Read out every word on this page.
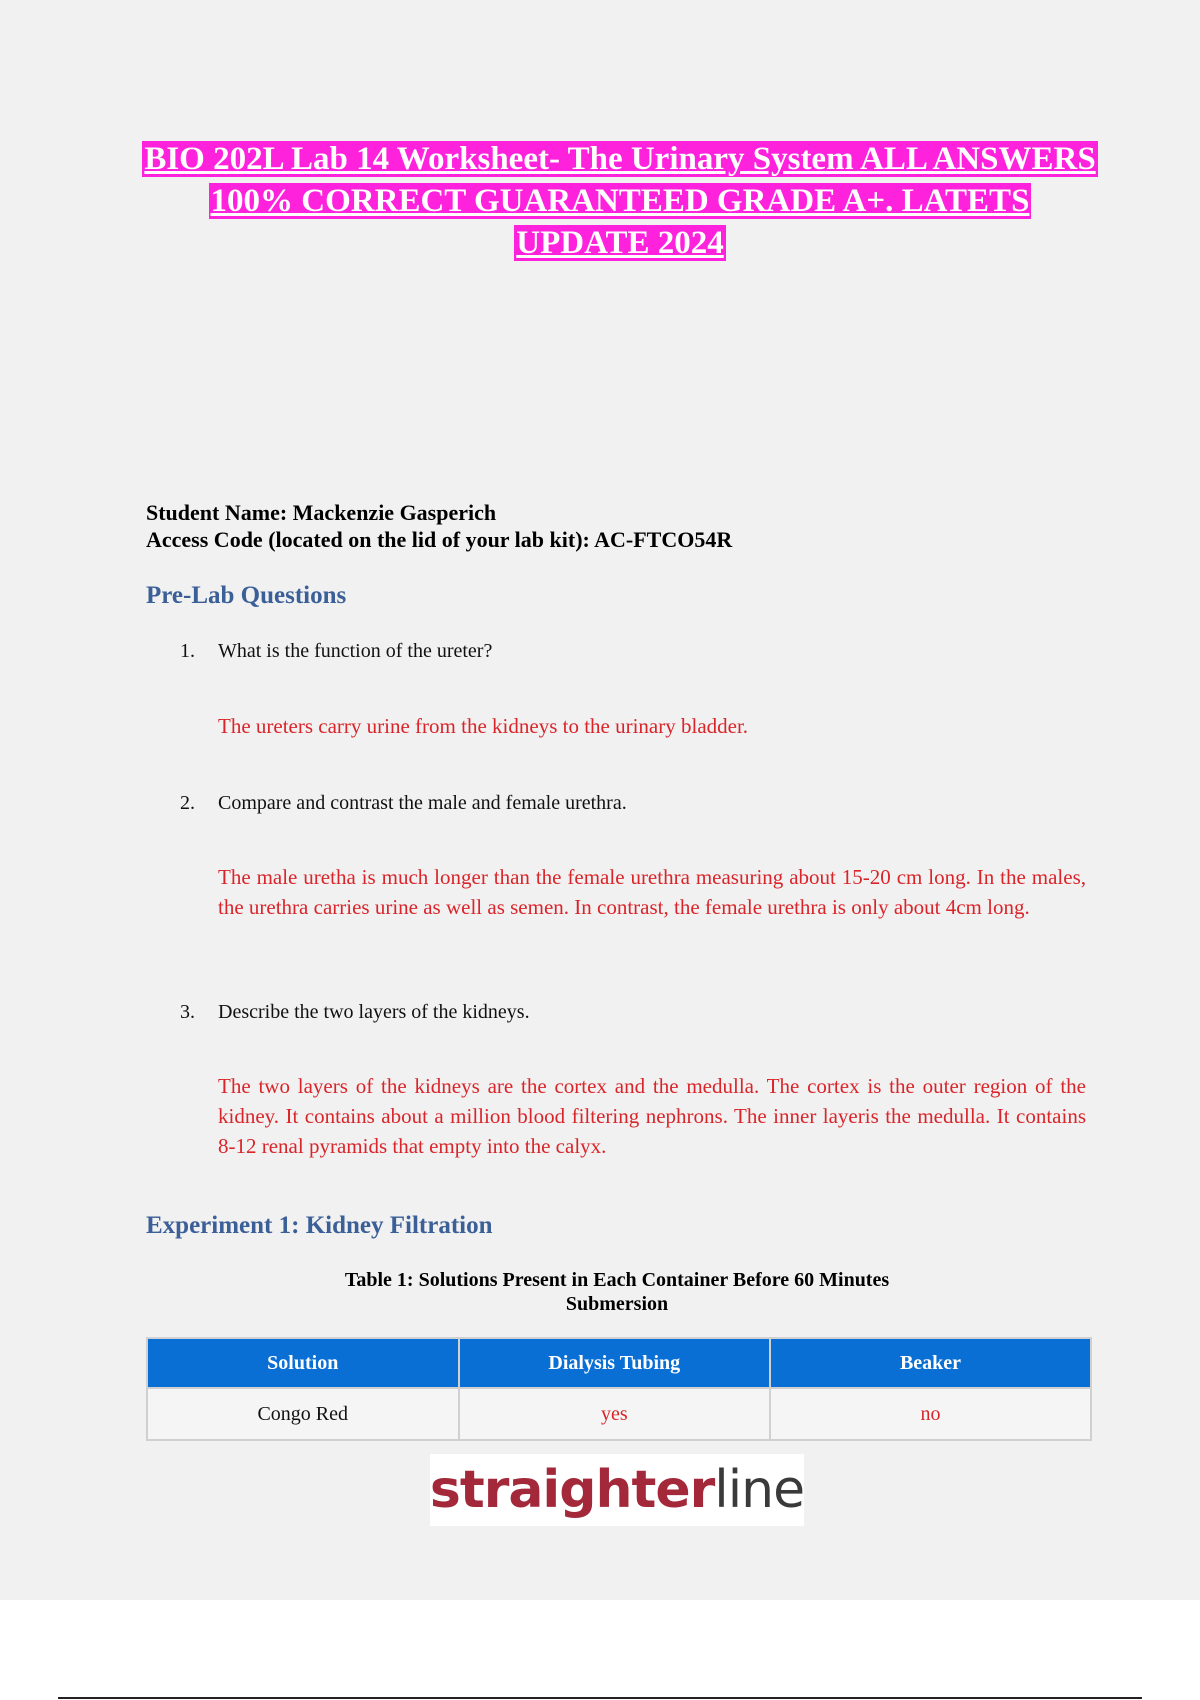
BIO 202L Lab 14 Worksheet- The Urinary System ALL ANSWERS 100% CORRECT GUARANTEED GRADE A+. LATETS UPDATE 2024
Student Name: Mackenzie Gasperich
Access Code (located on the lid of your lab kit): AC-FTCO54R
Pre-Lab Questions
1. What is the function of the ureter?
The ureters carry urine from the kidneys to the urinary bladder.
2. Compare and contrast the male and female urethra.
The male uretha is much longer than the female urethra measuring about 15-20 cm long. In the males, the urethra carries urine as well as semen. In contrast, the female urethra is only about 4cm long.
3. Describe the two layers of the kidneys.
The two layers of the kidneys are the cortex and the medulla. The cortex is the outer region of the kidney. It contains about a million blood filtering nephrons. The inner layeris the medulla. It contains 8-12 renal pyramids that empty into the calyx.
Experiment 1: Kidney Filtration
Table 1: Solutions Present in Each Container Before 60 Minutes Submersion
Solution	Dialysis Tubing	Beaker
Congo Red	yes	no
straighter line
